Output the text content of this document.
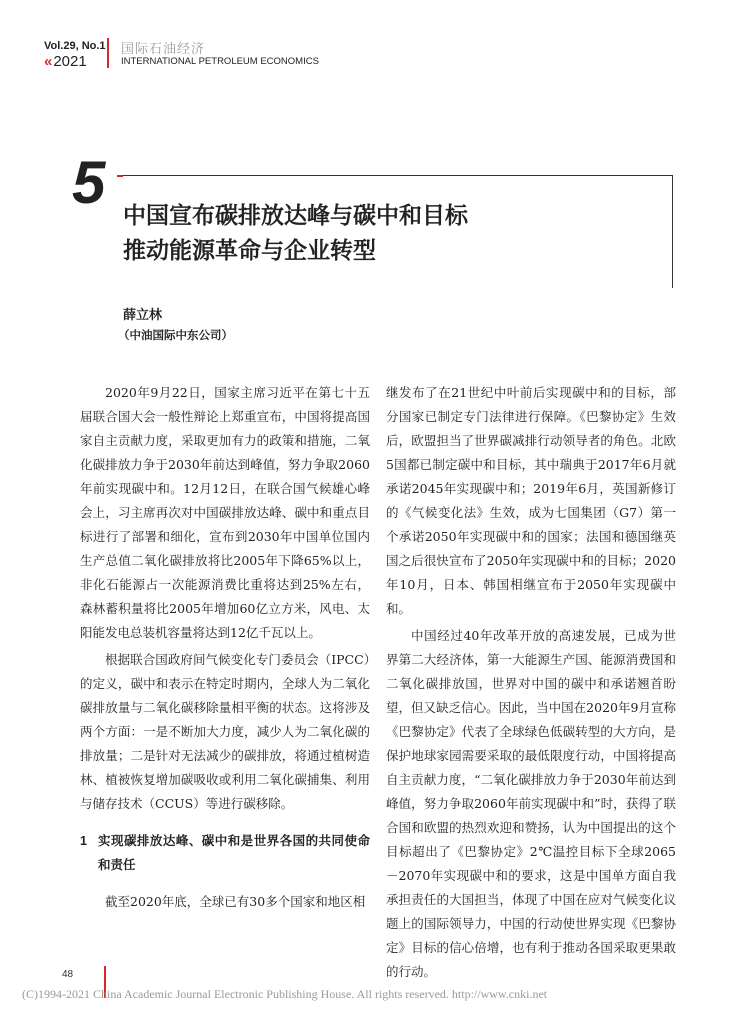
Vol.29, No.1
« 2021
国际石油经济
INTERNATIONAL PETROLEUM ECONOMICS
5 中国宣布碳排放达峰与碳中和目标
推动能源革命与企业转型
薛立林
（中油国际中东公司）

2020年9月22日，国家主席习近平在第七十五届联合国大会一般性辩论上郑重宣布，中国将提高国家自主贡献力度，采取更加有力的政策和措施，二氧化碳排放力争于2030年前达到峰值，努力争取2060年前实现碳中和。12月12日，在联合国气候雄心峰会上，习主席再次对中国碳排放达峰、碳中和重点目标进行了部署和细化，宣布到2030年中国单位国内生产总值二氧化碳排放将比2005年下降65%以上，非化石能源占一次能源消费比重将达到25%左右，森林蓄积量将比2005年增加60亿立方米，风电、太阳能发电总装机容量将达到12亿千瓦以上。

根据联合国政府间气候变化专门委员会（IPCC）的定义，碳中和表示在特定时期内，全球人为二氧化碳排放量与二氧化碳移除量相平衡的状态。这将涉及两个方面：一是不断加大力度，减少人为二氧化碳的排放量；二是针对无法减少的碳排放，将通过植树造林、植被恢复增加碳吸收或利用二氧化碳捕集、利用与储存技术（CCUS）等进行碳移除。

1 实现碳排放达峰、碳中和是世界各国的共同使命和责任

截至2020年底，全球已有30多个国家和地区相

继发布了在21世纪中叶前后实现碳中和的目标，部分国家已制定专门法律进行保障。《巴黎协定》生效后，欧盟担当了世界碳减排行动领导者的角色。北欧5国都已制定碳中和目标，其中瑞典于2017年6月就承诺2045年实现碳中和；2019年6月，英国新修订的《气候变化法》生效，成为七国集团（G7）第一个承诺2050年实现碳中和的国家；法国和德国继英国之后很快宣布了2050年实现碳中和的目标；2020年10月，日本、韩国相继宣布于2050年实现碳中和。

中国经过40年改革开放的高速发展，已成为世界第二大经济体，第一大能源生产国、能源消费国和二氧化碳排放国，世界对中国的碳中和承诺翘首盼望，但又缺乏信心。因此，当中国在2020年9月宣称《巴黎协定》代表了全球绿色低碳转型的大方向，是保护地球家园需要采取的最低限度行动，中国将提高自主贡献力度，“二氧化碳排放力争于2030年前达到峰值，努力争取2060年前实现碳中和”时，获得了联合国和欧盟的热烈欢迎和赞扬，认为中国提出的这个目标超出了《巴黎协定》2℃温控目标下全球2065－2070年实现碳中和的要求，这是中国单方面自我承担责任的大国担当，体现了中国在应对气候变化议题上的国际领导力，中国的行动使世界实现《巴黎协定》目标的信心倍增，也有利于推动各国采取更果敢的行动。

48
(C)1994-2021 China Academic Journal Electronic Publishing House. All rights reserved. http://www.cnki.net
